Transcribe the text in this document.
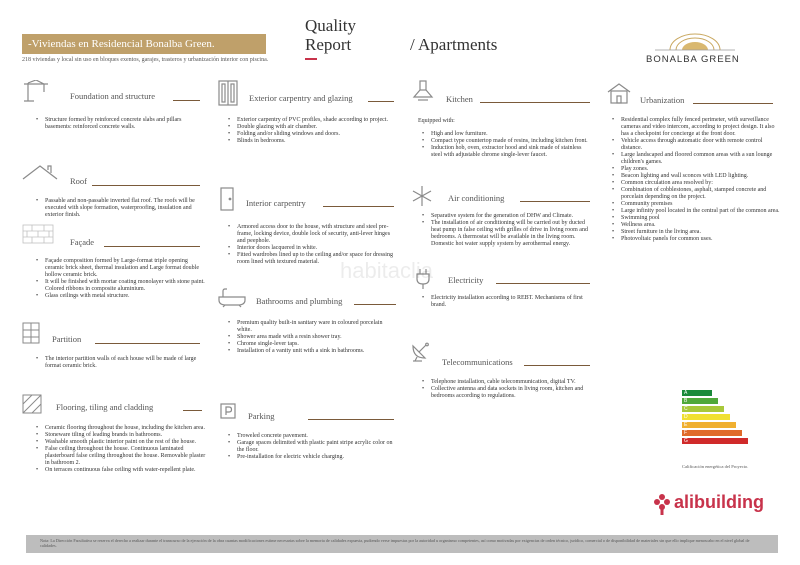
-Viviendas en Residencial Bonalba Green.
218 viviendas y local sin uso en bloques exentos, garajes, trasteros y urbanización interior con piscina.
Quality
Report	/ Apartments
BONALBA GREEN
Foundation and structure
• Structure formed by reinforced concrete slabs and pillars basements: reinforced concrete walls.
Roof
• Passable and non-passable inverted flat roof. The roofs will be executed with slope formation, waterproofing, insulation and exterior finish.
Façade
• Façade composition formed by Large-format triple opening ceramic brick sheet, thermal insulation and Large format double hollow ceramic brick.
• It will be finished with mortar coating monolayer with stone paint. Colored ribbons in composite aluminium.
• Glass ceilings with metal structure.
Partition
• The interior partition walls of each house will be made of large format ceramic brick.
Flooring, tiling and cladding
• Ceramic flooring throughout the house, including the kitchen area.
• Stoneware tiling of leading brands in bathrooms.
• Washable smooth plastic interior paint on the rest of the house.
• False ceiling throughout the house. Continuous laminated plasterboard false ceiling throughout the house. Removable plaster in bathroom 2.
• On terraces continuous false ceiling with water-repellent plate.
Exterior carpentry and glazing
• Exterior carpentry of PVC profiles, shade according to project.
• Double glazing with air chamber.
• Folding and/or sliding windows and doors.
• Blinds in bedrooms.
Interior carpentry
• Armored access door to the house, with structure and steel pre-frame, locking device, double lock of security, anti-lever hinges and peephole.
• Interior doors lacquered in white.
• Fitted wardrobes lined up to the ceiling and/or space for dressing room lined with textured material.
Bathrooms and plumbing
• Premium quality built-in sanitary ware in coloured porcelain white.
• Shower area made with a resin shower tray.
• Chrome single-lever taps.
• Installation of a vanity unit with a sink in bathrooms.
Parking
• Troweled concrete pavement.
• Garage spaces delimited with plastic paint stripe acrylic color on the floor.
• Pre-installation for electric vehicle charging.
Kitchen
Equipped with:
• High and low furniture.
• Compact type countertop made of resins, including kitchen front.
• Induction hob, oven, extractor hood and sink made of stainless steel with adjustable chrome single-lever faucet.
Air conditioning
• Separative system for the generation of DHW and Climate.
• The installation of air conditioning will be carried out by ducted heat pump in false ceiling with grilles of drive in living room and bedrooms. A thermostat will be available in the living room. Domestic hot water supply system by aerothermal energy.
Electricity
• Electricity installation according to REBT. Mechanisms of first brand.
Telecommunications
• Telephone installation, cable telecommunication, digital TV.
• Collective antenna and data sockets in living room, kitchen and bedrooms according to regulations.
Urbanization
• Residential complex fully fenced perimeter, with surveillance cameras and video intercom, according to project design. It also has a checkpoint for concierge at the front door.
• Vehicle access through automatic door with remote control distance.
• Large landscaped and floored common areas with a sun lounge children's games.
• Play zones.
• Beacon lighting and wall sconces with LED lighting.
• Common circulation area resolved by:
• Combination of cobblestones, asphalt, stamped concrete and porcelain depending on the project.
• Community premises
• Large infinity pool located in the central part of the common area.
• Swimming pool
• Wellness area.
• Street furniture in the living area.
• Photovoltaic panels for common uses.
A
B
C
D
E
F
G
Calificación energética del Proyecto.
alibuilding
habitaclia
Nota: La Dirección Facultativa se reserva el derecho a realizar durante el transcurso de la ejecución de la obra cuantas modificaciones estime necesarias sobre la memoria de calidades expuesta, pudiendo verse impuestas por la autoridad u organismo competentes, así como motivadas por exigencias de orden técnico, jurídico, comercial o de disponibilidad de materiales sin que ello implique menoscabo en el nivel global de calidades.
